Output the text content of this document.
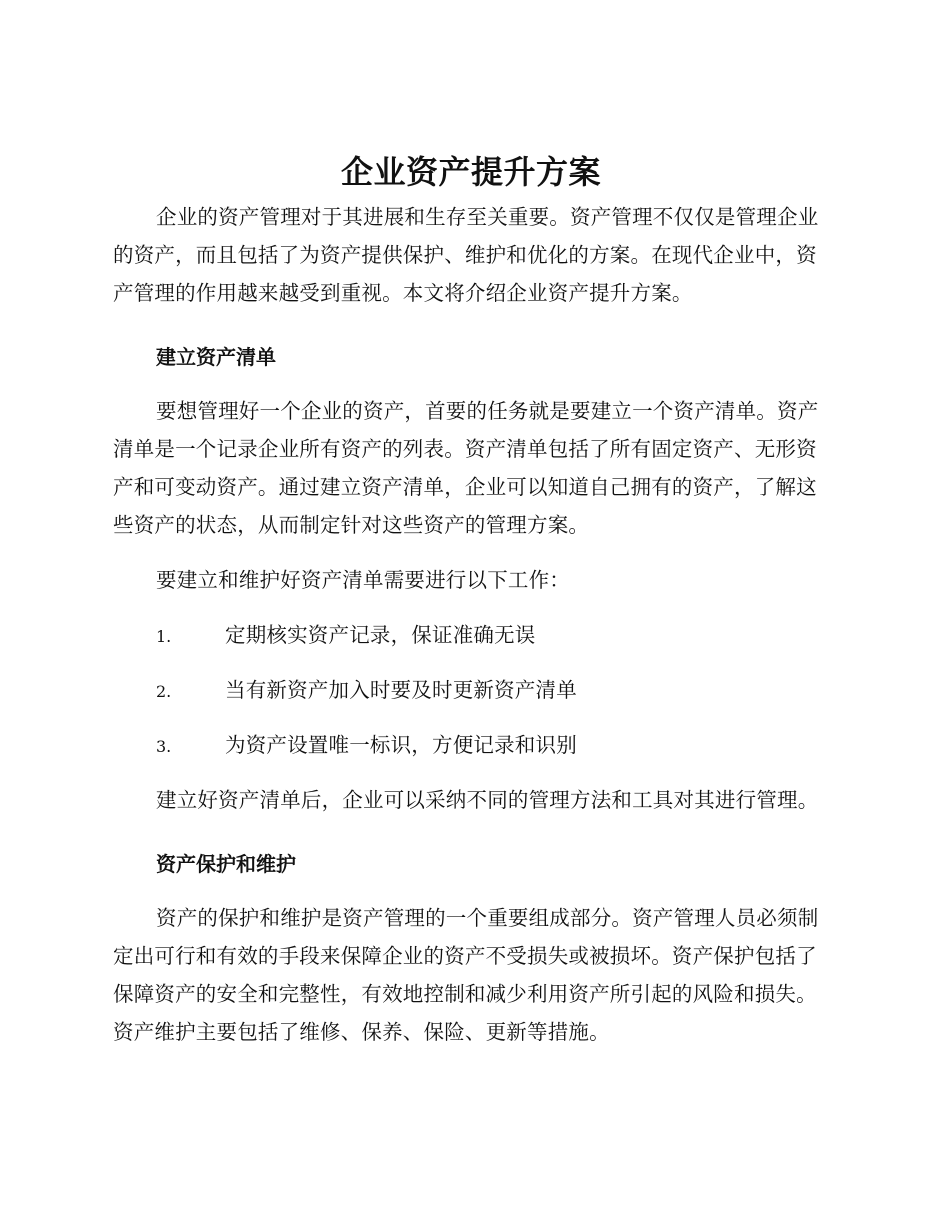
企业资产提升方案

企业的资产管理对于其进展和生存至关重要。资产管理不仅仅是管理企业的资产，而且包括了为资产提供保护、维护和优化的方案。在现代企业中，资产管理的作用越来越受到重视。本文将介绍企业资产提升方案。

建立资产清单

要想管理好一个企业的资产，首要的任务就是要建立一个资产清单。资产清单是一个记录企业所有资产的列表。资产清单包括了所有固定资产、无形资产和可变动资产。通过建立资产清单，企业可以知道自己拥有的资产，了解这些资产的状态，从而制定针对这些资产的管理方案。

要建立和维护好资产清单需要进行以下工作：

1.	定期核实资产记录，保证准确无误
2.	当有新资产加入时要及时更新资产清单
3.	为资产设置唯一标识，方便记录和识别

建立好资产清单后，企业可以采纳不同的管理方法和工具对其进行管理。

资产保护和维护

资产的保护和维护是资产管理的一个重要组成部分。资产管理人员必须制定出可行和有效的手段来保障企业的资产不受损失或被损坏。资产保护包括了保障资产的安全和完整性，有效地控制和减少利用资产所引起的风险和损失。资产维护主要包括了维修、保养、保险、更新等措施。
